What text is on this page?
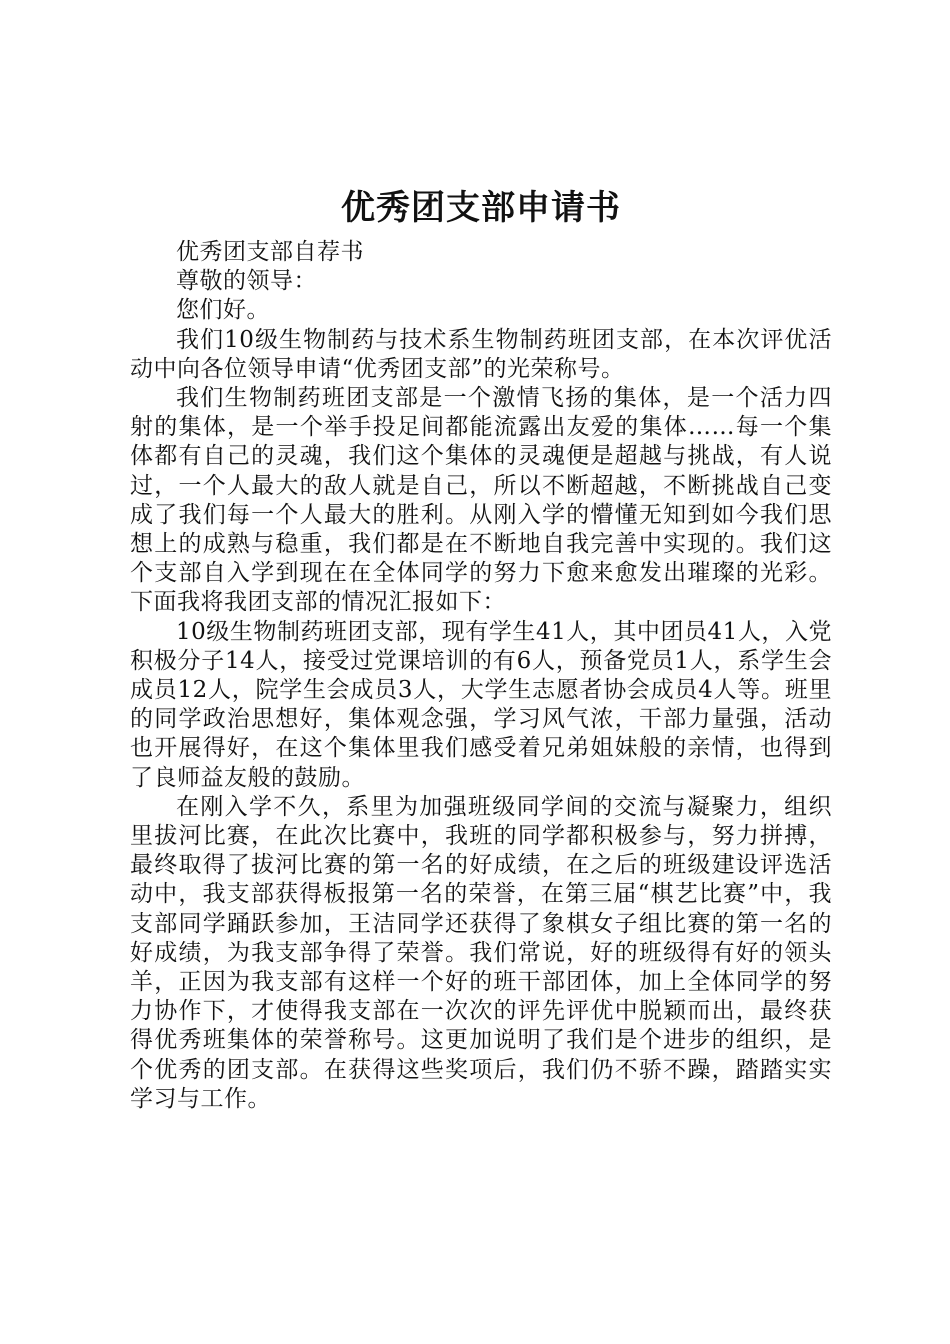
优秀团支部申请书

优秀团支部自荐书

尊敬的领导：

您们好。

我们10级生物制药与技术系生物制药班团支部，在本次评优活动中向各位领导申请“优秀团支部”的光荣称号。

我们生物制药班团支部是一个激情飞扬的集体，是一个活力四射的集体，是一个举手投足间都能流露出友爱的集体……每一个集体都有自己的灵魂，我们这个集体的灵魂便是超越与挑战，有人说过，一个人最大的敌人就是自己，所以不断超越，不断挑战自己变成了我们每一个人最大的胜利。从刚入学的懵懂无知到如今我们思想上的成熟与稳重，我们都是在不断地自我完善中实现的。我们这个支部自入学到现在在全体同学的努力下愈来愈发出璀璨的光彩。下面我将我团支部的情况汇报如下：

10级生物制药班团支部，现有学生41人，其中团员41人，入党积极分子14人，接受过党课培训的有6人，预备党员1人，系学生会成员12人，院学生会成员3人，大学生志愿者协会成员4人等。班里的同学政治思想好，集体观念强，学习风气浓，干部力量强，活动也开展得好，在这个集体里我们感受着兄弟姐妹般的亲情，也得到了良师益友般的鼓励。

在刚入学不久，系里为加强班级同学间的交流与凝聚力，组织里拔河比赛，在此次比赛中，我班的同学都积极参与，努力拼搏，最终取得了拔河比赛的第一名的好成绩，在之后的班级建设评选活动中，我支部获得板报第一名的荣誉，在第三届“棋艺比赛”中，我支部同学踊跃参加，王洁同学还获得了象棋女子组比赛的第一名的好成绩，为我支部争得了荣誉。我们常说，好的班级得有好的领头羊，正因为我支部有这样一个好的班干部团体，加上全体同学的努力协作下，才使得我支部在一次次的评先评优中脱颖而出，最终获得优秀班集体的荣誉称号。这更加说明了我们是个进步的组织，是个优秀的团支部。在获得这些奖项后，我们仍不骄不躁，踏踏实实学习与工作。
